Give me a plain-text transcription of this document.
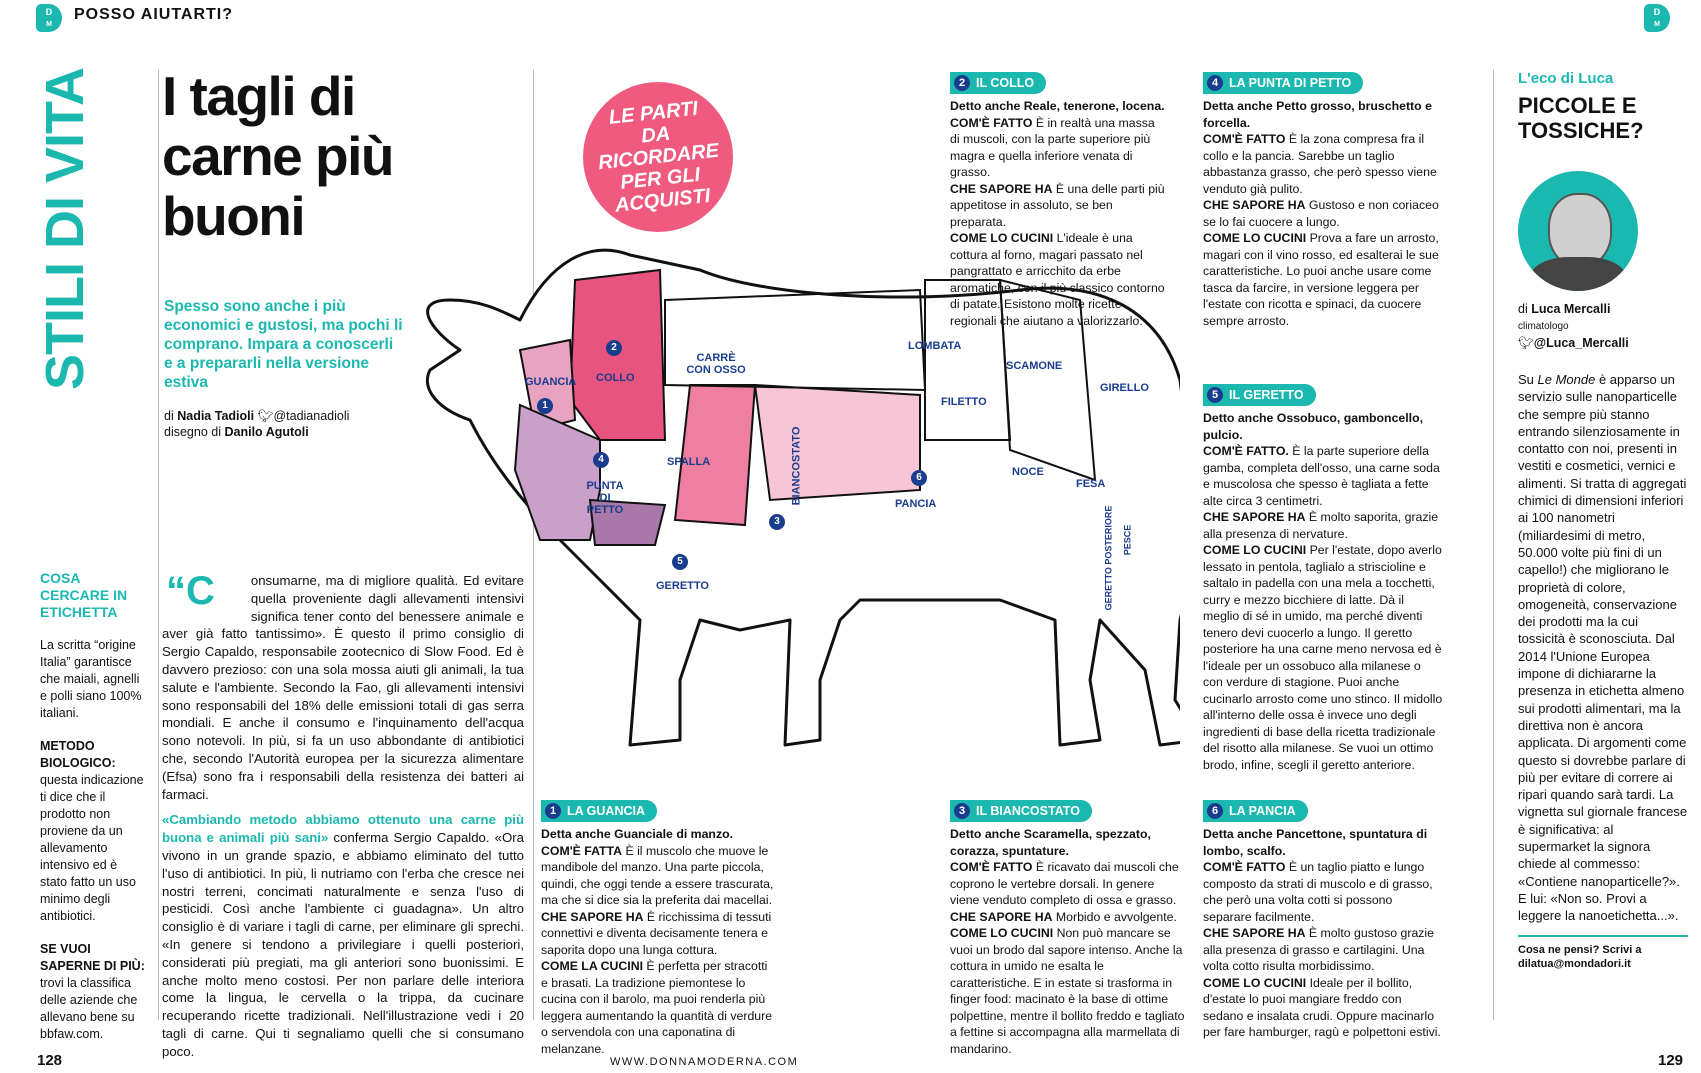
D
M
POSSO AIUTARTI?	D
M
STILI DI VITA I tagli di carne più buoni
Spesso sono anche i più economici e gustosi, ma pochi li comprano. Impara a conoscerli e a prepararli nella versione estiva
di Nadia Tadioli 🐦︎@tadianadioli
disegno di Danilo Agutoli
COSA CERCARE IN ETICHETTA
La scritta “origine Italia” garantisce che maiali, agnelli e polli siano 100% italiani.
METODO BIOLOGICO: questa indicazione ti dice che il prodotto non proviene da un allevamento intensivo ed è stato fatto un uso minimo degli antibiotici.
SE VUOI SAPERNE DI PIÙ: trovi la classifica delle aziende che allevano bene su bbfaw.com.
“C	onsumarne, ma di migliore qualità. Ed evitare quella proveniente dagli allevamenti intensivi significa tener conto del benessere animale e aver già fatto tantissimo». È questo il primo consiglio di Sergio Capaldo, responsabile zootecnico di Slow Food. Ed è davvero prezioso: con una sola mossa aiuti gli animali, la tua salute e l'ambiente. Secondo la Fao, gli allevamenti intensivi sono responsabili del 18% delle emissioni totali di gas serra mondiali. E anche il consumo e l'inquinamento dell'acqua sono notevoli. In più, si fa un uso abbondante di antibiotici che, secondo l'Autorità europea per la sicurezza alimentare (Efsa) sono fra i responsabili della resistenza dei batteri ai farmaci.
«Cambiando metodo abbiamo ottenuto una carne più buona e animali più sani» conferma Sergio Capaldo. «Ora vivono in un grande spazio, e abbiamo eliminato del tutto l'uso di antibiotici. In più, li nutriamo con l'erba che cresce nei nostri terreni, concimati naturalmente e senza l'uso di pesticidi. Così anche l'ambiente ci guadagna». Un altro consiglio è di variare i tagli di carne, per eliminare gli sprechi. «In genere si tendono a privilegiare i quelli posteriori, considerati più pregiati, ma gli anteriori sono buonissimi. E anche molto meno costosi. Per non parlare delle interiora come la lingua, le cervella o la trippa, da cucinare recuperando ricette tradizionali. Nell'illustrazione vedi i 20 tagli di carne. Qui ti segnaliamo quelli che si consumano poco.
LE PARTI DA RICORDARE PER GLI ACQUISTI
GUANCIA COLLO
CARRÈ CON OSSO
LOMBATA
SCAMONE
GIRELLO
FILETTO
SPALLA
PUNTA DI PETTO
BIANCOSTATO	PANCIA
NOCE
FESA
GERETTO	GERETTO POSTERIORE PESCE
1
2
3
4
5
6
2 IL COLLO
Detto anche Reale, tenerone, locena.
COM'È FATTO È in realtà una massa di muscoli, con la parte superiore più magra e quella inferiore venata di grasso.
CHE SAPORE HA È una delle parti più appetitose in assoluto, se ben preparata.
COME LO CUCINI L'ideale è una cottura al forno, magari passato nel pangrattato e arricchito da erbe aromatiche, con il più classico contorno di patate. Esistono molte ricette regionali che aiutano a valorizzarlo.
4 LA PUNTA DI PETTO
Detta anche Petto grosso, bruschetto e forcella.
COM'È FATTO È la zona compresa fra il collo e la pancia. Sarebbe un taglio abbastanza grasso, che però spesso viene venduto già pulito.
CHE SAPORE HA Gustoso e non coriaceo se lo fai cuocere a lungo.
COME LO CUCINI Prova a fare un arrosto, magari con il vino rosso, ed esalterai le sue caratteristiche. Lo puoi anche usare come tasca da farcire, in versione leggera per l'estate con ricotta e spinaci, da cuocere sempre arrosto.
5 IL GERETTO
Detto anche Ossobuco, gamboncello, pulcio.
COM'È FATTO. È la parte superiore della gamba, completa dell'osso, una carne soda e muscolosa che spesso è tagliata a fette alte circa 3 centimetri.
CHE SAPORE HA È molto saporita, grazie alla presenza di nervature.
COME LO CUCINI Per l'estate, dopo averlo lessato in pentola, taglialo a striscioline e saltalo in padella con una mela a tocchetti, curry e mezzo bicchiere di latte. Dà il meglio di sé in umido, ma perché diventi tenero devi cuocerlo a lungo. Il geretto posteriore ha una carne meno nervosa ed è l'ideale per un ossobuco alla milanese o con verdure di stagione. Puoi anche cucinarlo arrosto come uno stinco. Il midollo all'interno delle ossa è invece uno degli ingredienti di base della ricetta tradizionale del risotto alla milanese. Se vuoi un ottimo brodo, infine, scegli il geretto anteriore.
1 LA GUANCIA
Detta anche Guanciale di manzo.
COM'È FATTA È il muscolo che muove le mandibole del manzo. Una parte piccola, quindi, che oggi tende a essere trascurata, ma che si dice sia la preferita dai macellai.
CHE SAPORE HA È ricchissima di tessuti connettivi e diventa decisamente tenera e saporita dopo una lunga cottura.
COME LA CUCINI È perfetta per stracotti e brasati. La tradizione piemontese lo cucina con il barolo, ma puoi renderla più leggera aumentando la quantità di verdure o servendola con una caponatina di melanzane.
3 IL BIANCOSTATO
Detto anche Scaramella, spezzato, corazza, spuntature.
COM'È FATTO È ricavato dai muscoli che coprono le vertebre dorsali. In genere viene venduto completo di ossa e grasso.
CHE SAPORE HA Morbido e avvolgente.
COME LO CUCINI Non può mancare se vuoi un brodo dal sapore intenso. Anche la cottura in umido ne esalta le caratteristiche. E in estate si trasforma in finger food: macinato è la base di ottime polpettine, mentre il bollito freddo e tagliato a fettine si accompagna alla marmellata di mandarino.
6 LA PANCIA
Detta anche Pancettone, spuntatura di lombo, scalfo.
COM'È FATTO È un taglio piatto e lungo composto da strati di muscolo e di grasso, che però una volta cotti si possono separare facilmente.
CHE SAPORE HA È molto gustoso grazie alla presenza di grasso e cartilagini. Una volta cotto risulta morbidissimo.
COME LO CUCINI Ideale per il bollito, d'estate lo puoi mangiare freddo con sedano e insalata crudi. Oppure macinarlo per fare hamburger, ragù e polpettoni estivi.
L'eco di Luca
PICCOLE E TOSSICHE?
di Luca Mercalli
climatologo
🐦︎@Luca_Mercalli
Su Le Monde è apparso un servizio sulle nanoparticelle che sempre più stanno entrando silenziosamente in contatto con noi, presenti in vestiti e cosmetici, vernici e alimenti. Si tratta di aggregati chimici di dimensioni inferiori ai 100 nanometri (miliardesimi di metro, 50.000 volte più fini di un capello!) che migliorano le proprietà di colore, omogeneità, conservazione dei prodotti ma la cui tossicità è sconosciuta. Dal 2014 l'Unione Europea impone di dichiararne la presenza in etichetta almeno sui prodotti alimentari, ma la direttiva non è ancora applicata. Di argomenti come questo si dovrebbe parlare di più per evitare di correre ai ripari quando sarà tardi. La vignetta sul giornale francese è significativa: al supermarket la signora chiede al commesso: «Contiene nanoparticelle?». E lui: «Non so. Provi a leggere la nanoetichetta...».
Cosa ne pensi? Scrivi a dilatua@mondadori.it
128	WWW.DONNAMODERNA.COM	129
